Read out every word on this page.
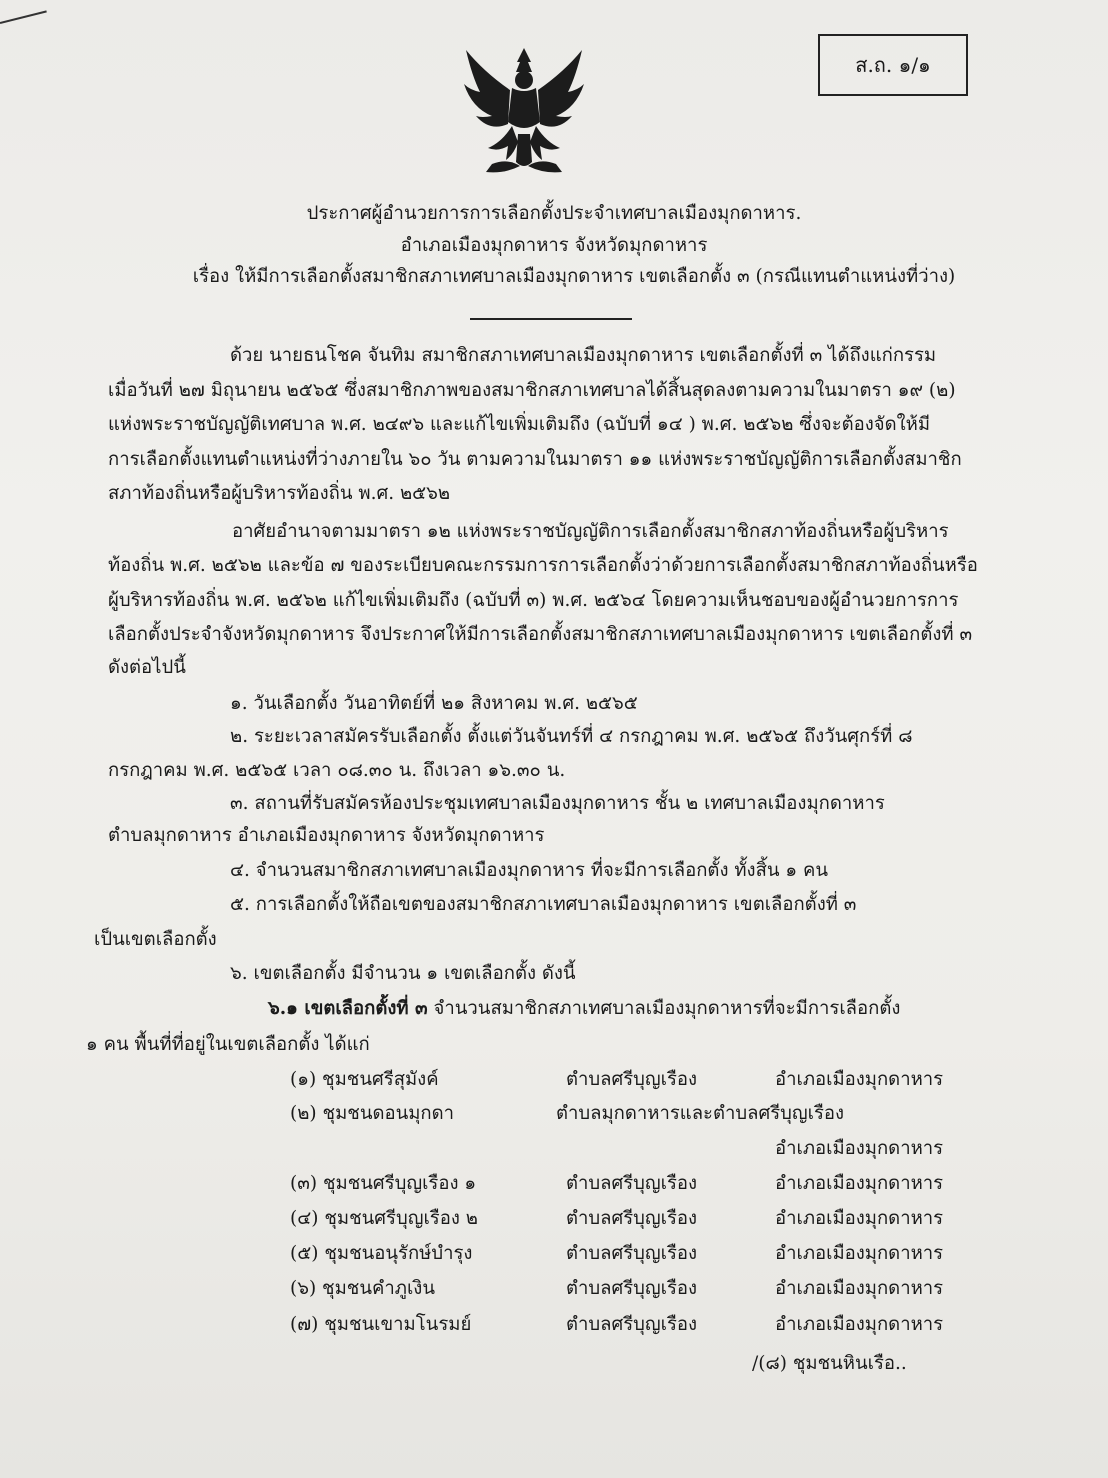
ส.ถ. ๑/๑
ประกาศผู้อำนวยการการเลือกตั้งประจำเทศบาลเมืองมุกดาหาร.
อำเภอเมืองมุกดาหาร จังหวัดมุกดาหาร
เรื่อง ให้มีการเลือกตั้งสมาชิกสภาเทศบาลเมืองมุกดาหาร เขตเลือกตั้ง ๓ (กรณีแทนตำแหน่งที่ว่าง)
ด้วย นายธนโชค จันทิม สมาชิกสภาเทศบาลเมืองมุกดาหาร เขตเลือกตั้งที่ ๓ ได้ถึงแก่กรรม
เมื่อวันที่ ๒๗ มิถุนายน ๒๕๖๕ ซึ่งสมาชิกภาพของสมาชิกสภาเทศบาลได้สิ้นสุดลงตามความในมาตรา ๑๙ (๒)
แห่งพระราชบัญญัติเทศบาล พ.ศ. ๒๔๙๖ และแก้ไขเพิ่มเติมถึง (ฉบับที่ ๑๔ ) พ.ศ. ๒๕๖๒ ซึ่งจะต้องจัดให้มี
การเลือกตั้งแทนตำแหน่งที่ว่างภายใน ๖๐ วัน ตามความในมาตรา ๑๑ แห่งพระราชบัญญัติการเลือกตั้งสมาชิก
สภาท้องถิ่นหรือผู้บริหารท้องถิ่น พ.ศ. ๒๕๖๒
อาศัยอำนาจตามมาตรา ๑๒ แห่งพระราชบัญญัติการเลือกตั้งสมาชิกสภาท้องถิ่นหรือผู้บริหาร
ท้องถิ่น พ.ศ. ๒๕๖๒ และข้อ ๗ ของระเบียบคณะกรรมการการเลือกตั้งว่าด้วยการเลือกตั้งสมาชิกสภาท้องถิ่นหรือ
ผู้บริหารท้องถิ่น พ.ศ. ๒๕๖๒ แก้ไขเพิ่มเติมถึง (ฉบับที่ ๓) พ.ศ. ๒๕๖๔ โดยความเห็นชอบของผู้อำนวยการการ
เลือกตั้งประจำจังหวัดมุกดาหาร จึงประกาศให้มีการเลือกตั้งสมาชิกสภาเทศบาลเมืองมุกดาหาร เขตเลือกตั้งที่ ๓
ดังต่อไปนี้
๑. วันเลือกตั้ง วันอาทิตย์ที่ ๒๑ สิงหาคม พ.ศ. ๒๕๖๕
๒. ระยะเวลาสมัครรับเลือกตั้ง ตั้งแต่วันจันทร์ที่ ๔ กรกฎาคม พ.ศ. ๒๕๖๕ ถึงวันศุกร์ที่ ๘
กรกฎาคม พ.ศ. ๒๕๖๕ เวลา ๐๘.๓๐ น. ถึงเวลา ๑๖.๓๐ น.
๓. สถานที่รับสมัครห้องประชุมเทศบาลเมืองมุกดาหาร ชั้น ๒ เทศบาลเมืองมุกดาหาร
ตำบลมุกดาหาร อำเภอเมืองมุกดาหาร จังหวัดมุกดาหาร
๔. จำนวนสมาชิกสภาเทศบาลเมืองมุกดาหาร ที่จะมีการเลือกตั้ง ทั้งสิ้น ๑ คน
๕. การเลือกตั้งให้ถือเขตของสมาชิกสภาเทศบาลเมืองมุกดาหาร เขตเลือกตั้งที่ ๓
เป็นเขตเลือกตั้ง
๖. เขตเลือกตั้ง มีจำนวน ๑ เขตเลือกตั้ง ดังนี้
๖.๑ เขตเลือกตั้งที่ ๓ จำนวนสมาชิกสภาเทศบาลเมืองมุกดาหารที่จะมีการเลือกตั้ง
๑ คน พื้นที่ที่อยู่ในเขตเลือกตั้ง ได้แก่
(๑) ชุมชนศรีสุมังค์	ตำบลศรีบุญเรือง	อำเภอเมืองมุกดาหาร
(๒) ชุมชนดอนมุกดา	ตำบลมุกดาหารและตำบลศรีบุญเรือง
อำเภอเมืองมุกดาหาร
(๓) ชุมชนศรีบุญเรือง ๑	ตำบลศรีบุญเรือง	อำเภอเมืองมุกดาหาร
(๔) ชุมชนศรีบุญเรือง ๒	ตำบลศรีบุญเรือง	อำเภอเมืองมุกดาหาร
(๕) ชุมชนอนุรักษ์บำรุง	ตำบลศรีบุญเรือง	อำเภอเมืองมุกดาหาร
(๖) ชุมชนคำภูเงิน	ตำบลศรีบุญเรือง	อำเภอเมืองมุกดาหาร
(๗) ชุมชนเขามโนรมย์	ตำบลศรีบุญเรือง	อำเภอเมืองมุกดาหาร
/(๘) ชุมชนหินเรือ..
